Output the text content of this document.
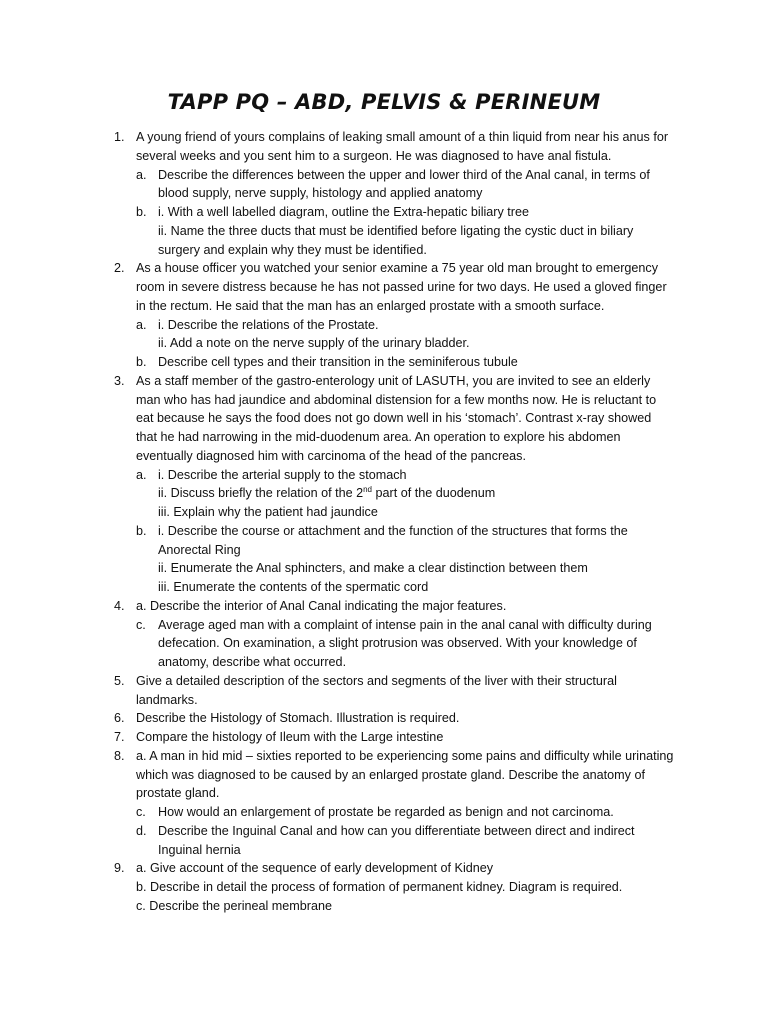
TAPP PQ – ABD, PELVIS & PERINEUM
1. A young friend of yours complains of leaking small amount of a thin liquid from near his anus for several weeks and you sent him to a surgeon. He was diagnosed to have anal fistula.
a. Describe the differences between the upper and lower third of the Anal canal, in terms of blood supply, nerve supply, histology and applied anatomy
b. i. With a well labelled diagram, outline the Extra-hepatic biliary tree
ii. Name the three ducts that must be identified before ligating the cystic duct in biliary surgery and explain why they must be identified.
2. As a house officer you watched your senior examine a 75 year old man brought to emergency room in severe distress because he has not passed urine for two days. He used a gloved finger in the rectum. He said that the man has an enlarged prostate with a smooth surface.
a. i. Describe the relations of the Prostate.
ii. Add a note on the nerve supply of the urinary bladder.
b. Describe cell types and their transition in the seminiferous tubule
3. As a staff member of the gastro-enterology unit of LASUTH, you are invited to see an elderly man who has had jaundice and abdominal distension for a few months now. He is reluctant to eat because he says the food does not go down well in his ‘stomach’. Contrast x-ray showed that he had narrowing in the mid-duodenum area. An operation to explore his abdomen eventually diagnosed him with carcinoma of the head of the pancreas.
a. i. Describe the arterial supply to the stomach
ii. Discuss briefly the relation of the 2nd part of the duodenum
iii. Explain why the patient had jaundice
b. i. Describe the course or attachment and the function of the structures that forms the Anorectal Ring
ii. Enumerate the Anal sphincters, and make a clear distinction between them
iii. Enumerate the contents of the spermatic cord
4. a. Describe the interior of Anal Canal indicating the major features.
c. Average aged man with a complaint of intense pain in the anal canal with difficulty during defecation. On examination, a slight protrusion was observed. With your knowledge of anatomy, describe what occurred.
5. Give a detailed description of the sectors and segments of the liver with their structural landmarks.
6. Describe the Histology of Stomach. Illustration is required.
7. Compare the histology of Ileum with the Large intestine
8. a. A man in hid mid – sixties reported to be experiencing some pains and difficulty while urinating which was diagnosed to be caused by an enlarged prostate gland. Describe the anatomy of prostate gland.
c. How would an enlargement of prostate be regarded as benign and not carcinoma.
d. Describe the Inguinal Canal and how can you differentiate between direct and indirect Inguinal hernia
9. a. Give account of the sequence of early development of Kidney
b. Describe in detail the process of formation of permanent kidney. Diagram is required.
c. Describe the perineal membrane
